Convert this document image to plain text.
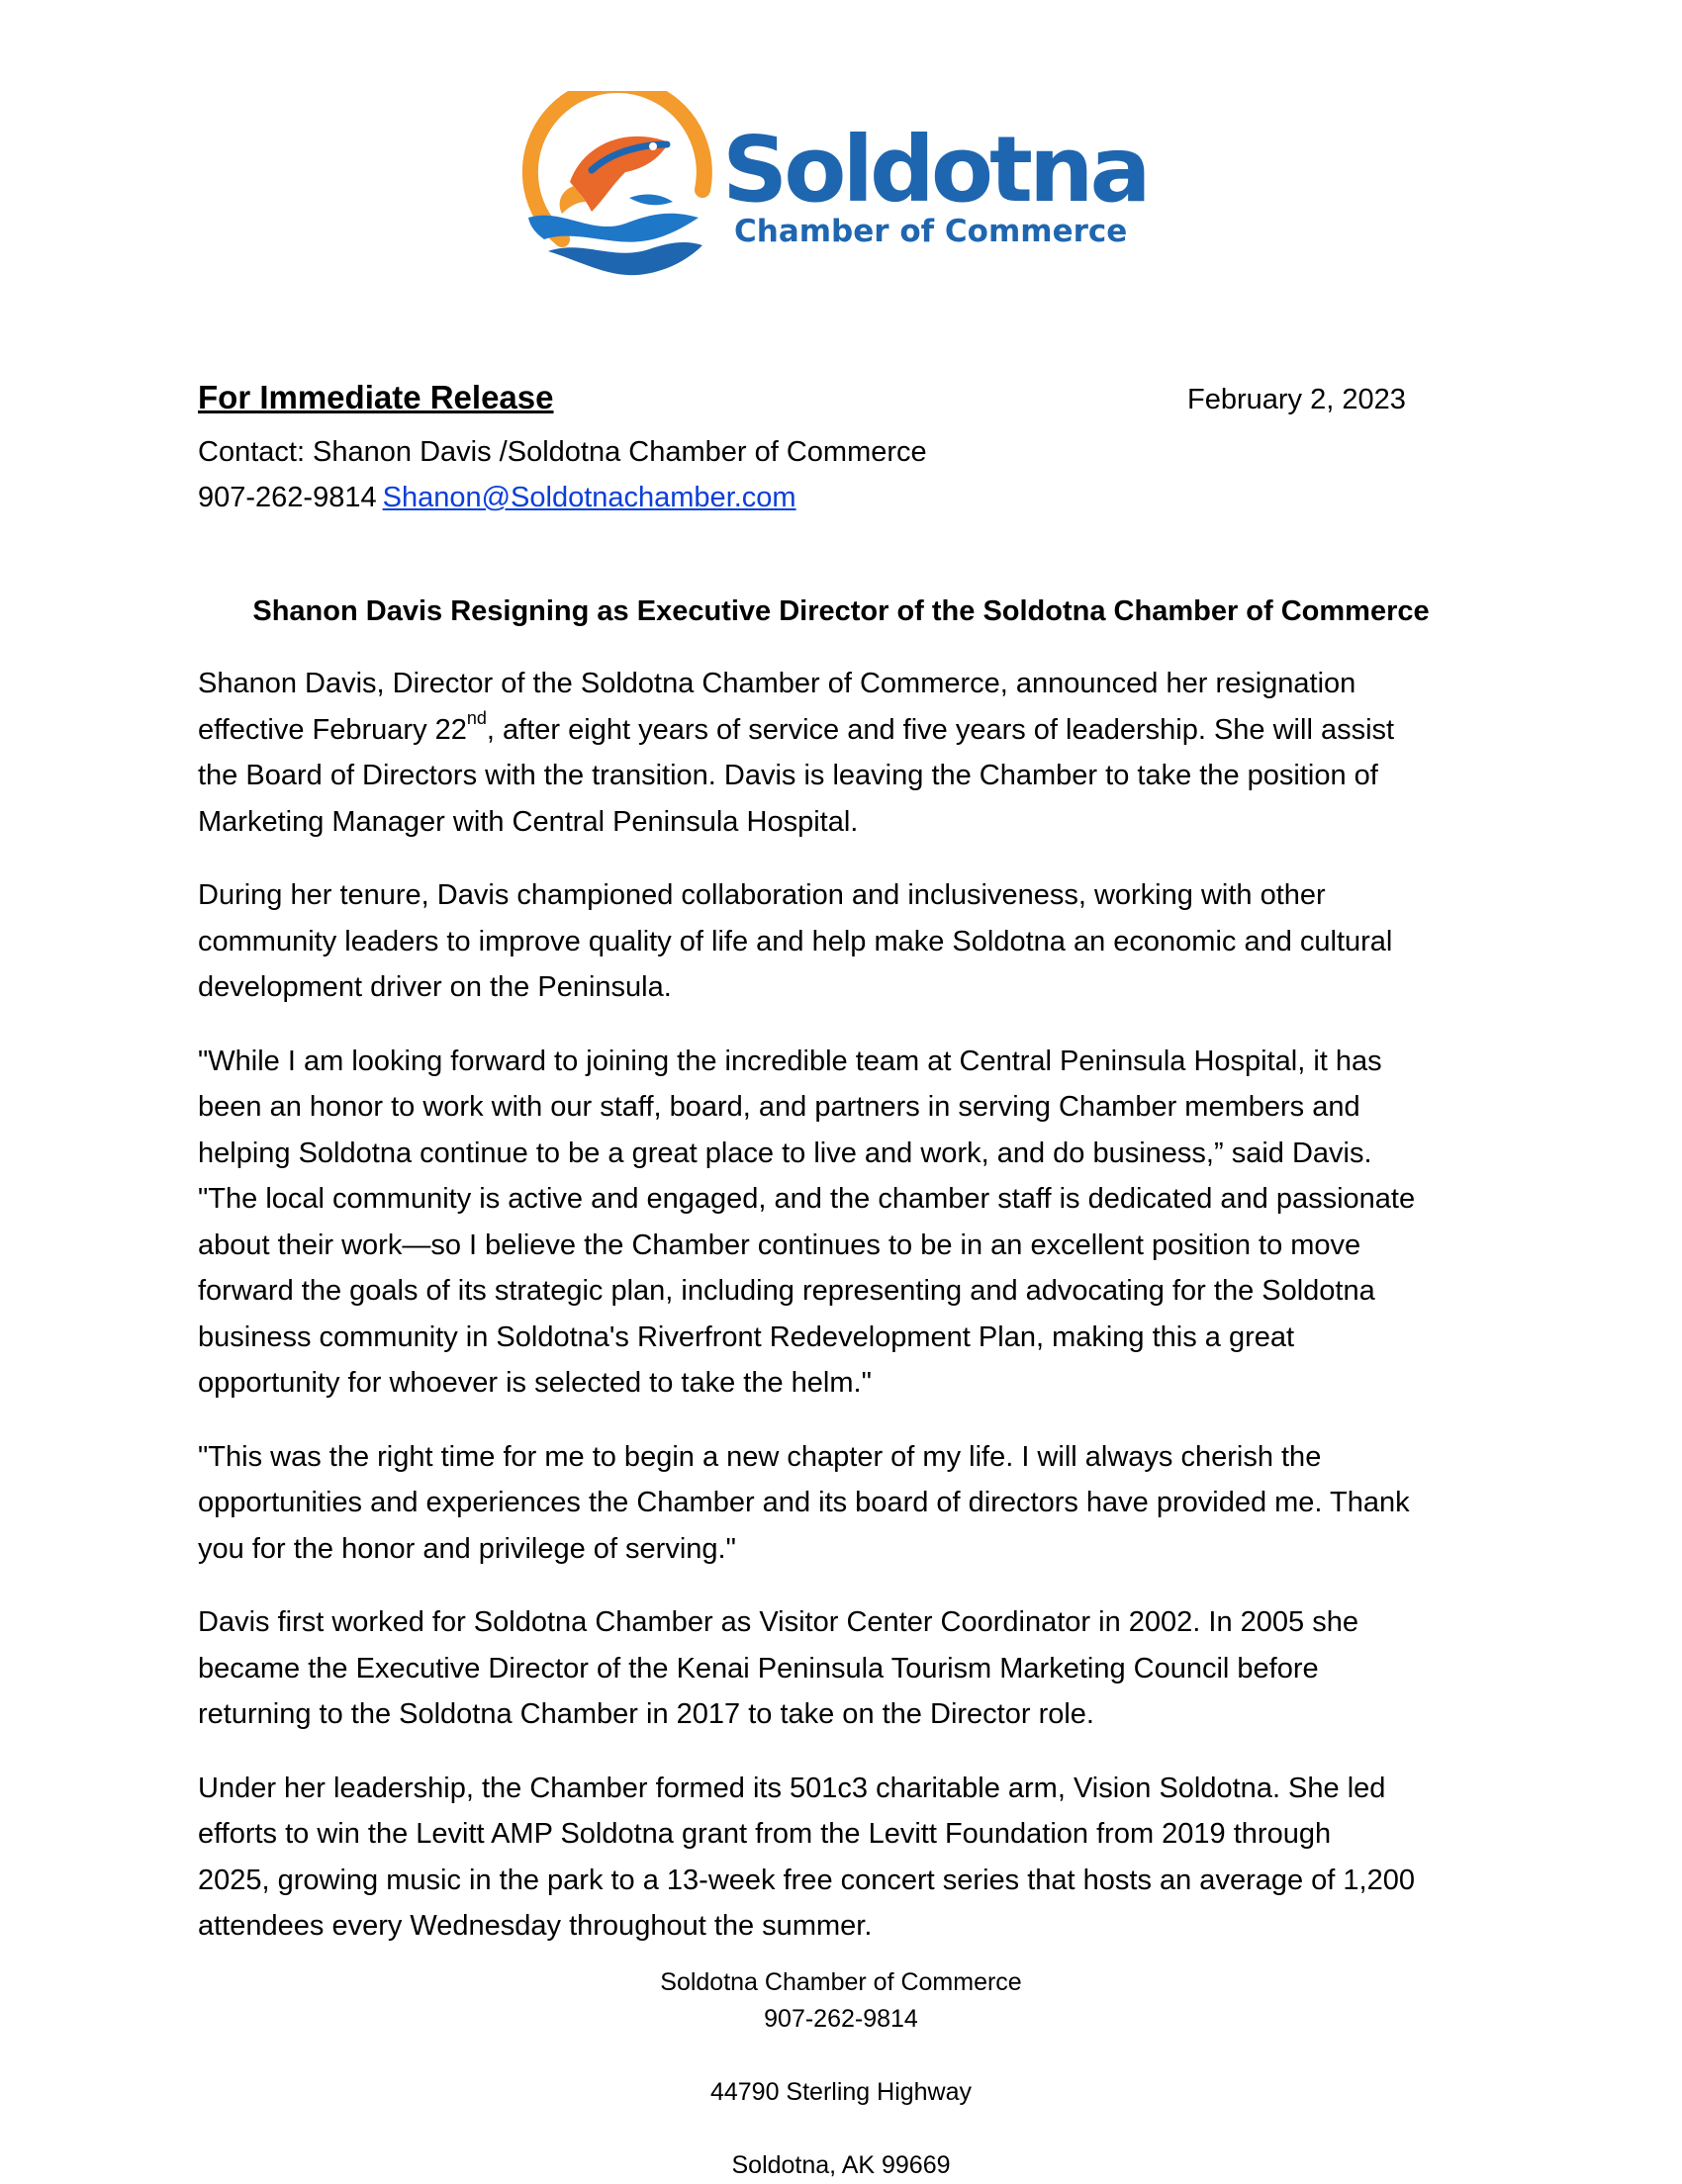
Soldotna
Chamber of Commerce
For Immediate Release	February 2, 2023
Contact: Shanon Davis /Soldotna Chamber of Commerce
907-262-9814 Shanon@Soldotnachamber.com
Shanon Davis Resigning as Executive Director of the Soldotna Chamber of Commerce

Shanon Davis, Director of the Soldotna Chamber of Commerce, announced her resignation
effective February 22nd, after eight years of service and five years of leadership. She will assist
the Board of Directors with the transition. Davis is leaving the Chamber to take the position of
Marketing Manager with Central Peninsula Hospital.

During her tenure, Davis championed collaboration and inclusiveness, working with other
community leaders to improve quality of life and help make Soldotna an economic and cultural
development driver on the Peninsula.

"While I am looking forward to joining the incredible team at Central Peninsula Hospital, it has
been an honor to work with our staff, board, and partners in serving Chamber members and
helping Soldotna continue to be a great place to live and work, and do business,” said Davis.
"The local community is active and engaged, and the chamber staff is dedicated and passionate
about their work—so I believe the Chamber continues to be in an excellent position to move
forward the goals of its strategic plan, including representing and advocating for the Soldotna
business community in Soldotna's Riverfront Redevelopment Plan, making this a great
opportunity for whoever is selected to take the helm."

"This was the right time for me to begin a new chapter of my life. I will always cherish the
opportunities and experiences the Chamber and its board of directors have provided me. Thank
you for the honor and privilege of serving."

Davis first worked for Soldotna Chamber as Visitor Center Coordinator in 2002. In 2005 she
became the Executive Director of the Kenai Peninsula Tourism Marketing Council before
returning to the Soldotna Chamber in 2017 to take on the Director role.

Under her leadership, the Chamber formed its 501c3 charitable arm, Vision Soldotna. She led
efforts to win the Levitt AMP Soldotna grant from the Levitt Foundation from 2019 through
2025, growing music in the park to a 13-week free concert series that hosts an average of 1,200
attendees every Wednesday throughout the summer.

Soldotna Chamber of Commerce
907-262-9814
44790 Sterling Highway
Soldotna, AK 99669
